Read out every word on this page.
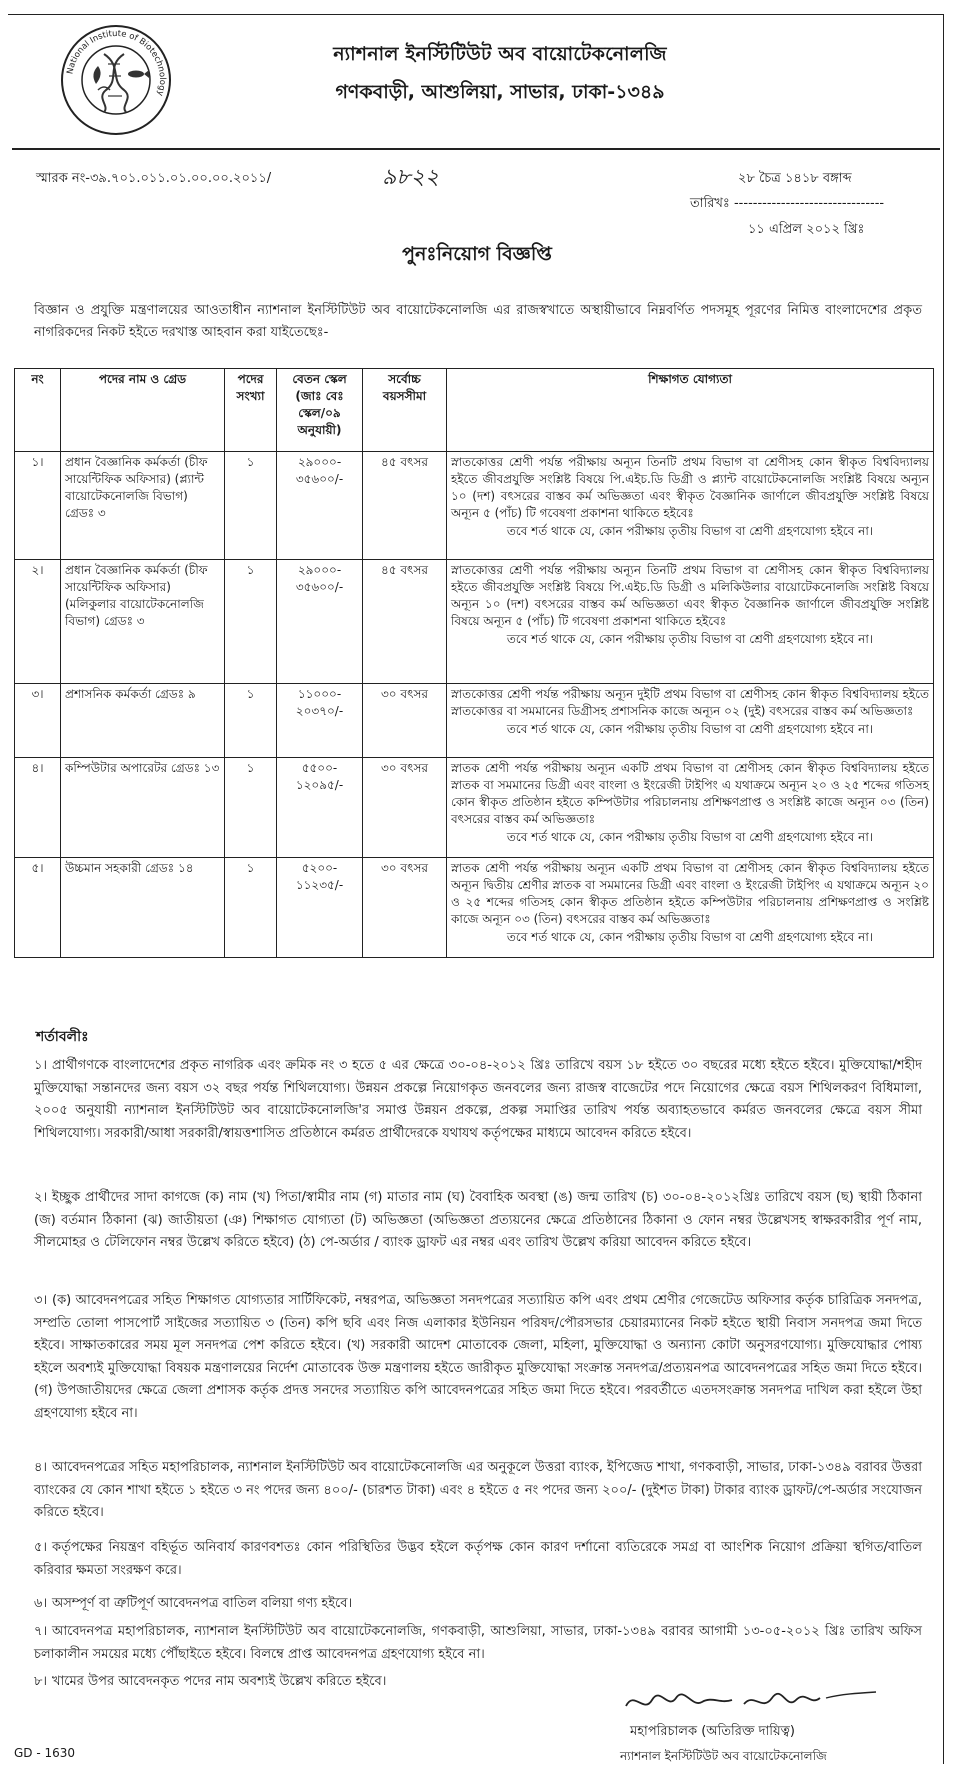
National Institute of Biotechnology
ন্যাশনাল ইনস্টিটিউট অব বায়োটেকনোলজি
গণকবাড়ী, আশুলিয়া, সাভার, ঢাকা-১৩৪৯
স্মারক নং-৩৯.৭০১.০১১.০১.০০.০০.২০১১/	৯৮২২	২৮ চৈত্র ১৪১৮ বঙ্গাব্দ
তারিখঃ --------------------------------
১১ এপ্রিল ২০১২ খ্রিঃ
পুনঃনিয়োগ বিজ্ঞপ্তি
বিজ্ঞান ও প্রযুক্তি মন্ত্রণালয়ের আওতাধীন ন্যাশনাল ইনস্টিটিউট অব বায়োটেকনোলজি এর রাজস্বখাতে অস্থায়ীভাবে নিম্নবর্ণিত পদসমূহ পূরণের নিমিত্ত বাংলাদেশের প্রকৃত নাগরিকদের নিকট হইতে দরখাস্ত আহবান করা যাইতেছেঃ-
নং	পদের নাম ও গ্রেড	পদের সংখ্যা	বেতন স্কেল (জাঃ বেঃ স্কেল/০৯ অনুযায়ী)	সর্বোচ্চ বয়সসীমা	শিক্ষাগত যোগ্যতা
১।	প্রধান বৈজ্ঞানিক কর্মকর্তা (চীফ সায়েন্টিফিক অফিসার) (প্ল্যান্ট বায়োটেকনোলজি বিভাগ) গ্রেডঃ ৩	১	২৯০০০- ৩৫৬০০/-	৪৫ বৎসর	স্নাতকোত্তর শ্রেণী পর্যন্ত পরীক্ষায় অন্যূন তিনটি প্রথম বিভাগ বা শ্রেণীসহ কোন স্বীকৃত বিশ্ববিদ্যালয় হইতে জীবপ্রযুক্তি সংশ্লিষ্ট বিষয়ে পি.এইচ.ডি ডিগ্রী ও প্ল্যান্ট বায়োটেকনোলজি সংশ্লিষ্ট বিষয়ে অন্যূন ১০ (দশ) বৎসরের বাস্তব কর্ম অভিজ্ঞতা এবং স্বীকৃত বৈজ্ঞানিক জার্ণালে জীবপ্রযুক্তি সংশ্লিষ্ট বিষয়ে অন্যূন ৫ (পাঁচ) টি গবেষণা প্রকাশনা থাকিতে হইবেঃ
তবে শর্ত থাকে যে, কোন পরীক্ষায় তৃতীয় বিভাগ বা শ্রেণী গ্রহণযোগ্য হইবে না।

২।	প্রধান বৈজ্ঞানিক কর্মকর্তা (চীফ সায়েন্টিফিক অফিসার) (মলিকুলার বায়োটেকনোলজি বিভাগ) গ্রেডঃ ৩	১	২৯০০০- ৩৫৬০০/-	৪৫ বৎসর	স্নাতকোত্তর শ্রেণী পর্যন্ত পরীক্ষায় অন্যূন তিনটি প্রথম বিভাগ বা শ্রেণীসহ কোন স্বীকৃত বিশ্ববিদ্যালয় হইতে জীবপ্রযুক্তি সংশ্লিষ্ট বিষয়ে পি.এইচ.ডি ডিগ্রী ও মলিকিউলার বায়োটেকনোলজি সংশ্লিষ্ট বিষয়ে অন্যূন ১০ (দশ) বৎসরের বাস্তব কর্ম অভিজ্ঞতা এবং স্বীকৃত বৈজ্ঞানিক জার্ণালে জীবপ্রযুক্তি সংশ্লিষ্ট বিষয়ে অন্যূন ৫ (পাঁচ) টি গবেষণা প্রকাশনা থাকিতে হইবেঃ
তবে শর্ত থাকে যে, কোন পরীক্ষায় তৃতীয় বিভাগ বা শ্রেণী গ্রহণযোগ্য হইবে না।

৩।	প্রশাসনিক কর্মকর্তা গ্রেডঃ ৯	১	১১০০০- ২০৩৭০/-	৩০ বৎসর	স্নাতকোত্তর শ্রেণী পর্যন্ত পরীক্ষায় অন্যূন দুইটি প্রথম বিভাগ বা শ্রেণীসহ কোন স্বীকৃত বিশ্ববিদ্যালয় হইতে স্নাতকোত্তর বা সমমানের ডিগ্রীসহ প্রশাসনিক কাজে অন্যূন ০২ (দুই) বৎসরের বাস্তব কর্ম অভিজ্ঞতাঃ
তবে শর্ত থাকে যে, কোন পরীক্ষায় তৃতীয় বিভাগ বা শ্রেণী গ্রহণযোগ্য হইবে না।

৪।	কম্পিউটার অপারেটর গ্রেডঃ ১৩	১	৫৫০০- ১২০৯৫/-	৩০ বৎসর	স্নাতক শ্রেণী পর্যন্ত পরীক্ষায় অন্যূন একটি প্রথম বিভাগ বা শ্রেণীসহ কোন স্বীকৃত বিশ্ববিদ্যালয় হইতে স্নাতক বা সমমানের ডিগ্রী এবং বাংলা ও ইংরেজী টাইপিং এ যথাক্রমে অন্যূন ২০ ও ২৫ শব্দের গতিসহ কোন স্বীকৃত প্রতিষ্ঠান হইতে কম্পিউটার পরিচালনায় প্রশিক্ষণপ্রাপ্ত ও সংশ্লিষ্ট কাজে অন্যূন ০৩ (তিন) বৎসরের বাস্তব কর্ম অভিজ্ঞতাঃ
তবে শর্ত থাকে যে, কোন পরীক্ষায় তৃতীয় বিভাগ বা শ্রেণী গ্রহণযোগ্য হইবে না।

৫।	উচ্চমান সহকারী গ্রেডঃ ১৪	১	৫২০০- ১১২৩৫/-	৩০ বৎসর	স্নাতক শ্রেণী পর্যন্ত পরীক্ষায় অন্যূন একটি প্রথম বিভাগ বা শ্রেণীসহ কোন স্বীকৃত বিশ্ববিদ্যালয় হইতে অন্যূন দ্বিতীয় শ্রেণীর স্নাতক বা সমমানের ডিগ্রী এবং বাংলা ও ইংরেজী টাইপিং এ যথাক্রমে অন্যূন ২০ ও ২৫ শব্দের গতিসহ কোন স্বীকৃত প্রতিষ্ঠান হইতে কম্পিউটার পরিচালনায় প্রশিক্ষণপ্রাপ্ত ও সংশ্লিষ্ট কাজে অন্যূন ০৩ (তিন) বৎসরের বাস্তব কর্ম অভিজ্ঞতাঃ
তবে শর্ত থাকে যে, কোন পরীক্ষায় তৃতীয় বিভাগ বা শ্রেণী গ্রহণযোগ্য হইবে না।
শর্তাবলীঃ
১। প্রার্থীগণকে বাংলাদেশের প্রকৃত নাগরিক এবং ক্রমিক নং ৩ হতে ৫ এর ক্ষেত্রে ৩০-০৪-২০১২ খ্রিঃ তারিখে বয়স ১৮ হইতে ৩০ বছরের মধ্যে হইতে হইবে। মুক্তিযোদ্ধা/শহীদ মুক্তিযোদ্ধা সন্তানদের জন্য বয়স ৩২ বছর পর্যন্ত শিথিলযোগ্য। উন্নয়ন প্রকল্পে নিয়োগকৃত জনবলের জন্য রাজস্ব বাজেটের পদে নিয়োগের ক্ষেত্রে বয়স শিথিলকরণ বিধিমালা, ২০০৫ অনুযায়ী ন্যাশনাল ইনস্টিটিউট অব বায়োটেকনোলজি'র সমাপ্ত উন্নয়ন প্রকল্পে, প্রকল্প সমাপ্তির তারিখ পর্যন্ত অব্যাহতভাবে কর্মরত জনবলের ক্ষেত্রে বয়স সীমা শিথিলযোগ্য। সরকারী/আধা সরকারী/স্বায়ত্তশাসিত প্রতিষ্ঠানে কর্মরত প্রার্থীদেরকে যথাযথ কর্তৃপক্ষের মাধ্যমে আবেদন করিতে হইবে।
২। ইচ্ছুক প্রার্থীদের সাদা কাগজে (ক) নাম (খ) পিতা/স্বামীর নাম (গ) মাতার নাম (ঘ) বৈবাহিক অবস্থা (ঙ) জন্ম তারিখ (চ) ৩০-০৪-২০১২খ্রিঃ তারিখে বয়স (ছ) স্থায়ী ঠিকানা (জ) বর্তমান ঠিকানা (ঝ) জাতীয়তা (ঞ) শিক্ষাগত যোগ্যতা (ট) অভিজ্ঞতা (অভিজ্ঞতা প্রত্যয়নের ক্ষেত্রে প্রতিষ্ঠানের ঠিকানা ও ফোন নম্বর উল্লেখসহ স্বাক্ষরকারীর পূর্ণ নাম, সীলমোহর ও টেলিফোন নম্বর উল্লেখ করিতে হইবে) (ঠ) পে-অর্ডার / ব্যাংক ড্রাফট এর নম্বর এবং তারিখ উল্লেখ করিয়া আবেদন করিতে হইবে।
৩। (ক) আবেদনপত্রের সহিত শিক্ষাগত যোগ্যতার সার্টিফিকেট, নম্বরপত্র, অভিজ্ঞতা সনদপত্রের সত্যায়িত কপি এবং প্রথম শ্রেণীর গেজেটেড অফিসার কর্তৃক চারিত্রিক সনদপত্র, সম্প্রতি তোলা পাসপোর্ট সাইজের সত্যায়িত ৩ (তিন) কপি ছবি এবং নিজ এলাকার ইউনিয়ন পরিষদ/পৌরসভার চেয়ারম্যানের নিকট হইতে স্থায়ী নিবাস সনদপত্র জমা দিতে হইবে। সাক্ষাতকারের সময় মূল সনদপত্র পেশ করিতে হইবে। (খ) সরকারী আদেশ মোতাবেক জেলা, মহিলা, মুক্তিযোদ্ধা ও অন্যান্য কোটা অনুসরণযোগ্য। মুক্তিযোদ্ধার পোষ্য হইলে অবশ্যই মুক্তিযোদ্ধা বিষয়ক মন্ত্রণালয়ের নির্দেশ মোতাবেক উক্ত মন্ত্রণালয় হইতে জারীকৃত মুক্তিযোদ্ধা সংক্রান্ত সনদপত্র/প্রত্যয়নপত্র আবেদনপত্রের সহিত জমা দিতে হইবে। (গ) উপজাতীয়দের ক্ষেত্রে জেলা প্রশাসক কর্তৃক প্রদত্ত সনদের সত্যায়িত কপি আবেদনপত্রের সহিত জমা দিতে হইবে। পরবর্তীতে এতদসংক্রান্ত সনদপত্র দাখিল করা হইলে উহা গ্রহণযোগ্য হইবে না।
৪। আবেদনপত্রের সহিত মহাপরিচালক, ন্যাশনাল ইনস্টিটিউট অব বায়োটেকনোলজি এর অনুকূলে উত্তরা ব্যাংক, ইপিজেড শাখা, গণকবাড়ী, সাভার, ঢাকা-১৩৪৯ বরাবর উত্তরা ব্যাংকের যে কোন শাখা হইতে ১ হইতে ৩ নং পদের জন্য ৪০০/- (চারশত টাকা) এবং ৪ হইতে ৫ নং পদের জন্য ২০০/- (দুইশত টাকা) টাকার ব্যাংক ড্রাফট/পে-অর্ডার সংযোজন করিতে হইবে।
৫। কর্তৃপক্ষের নিয়ন্ত্রণ বহির্ভূত অনিবার্য কারণবশতঃ কোন পরিস্থিতির উদ্ভব হইলে কর্তৃপক্ষ কোন কারণ দর্শানো ব্যতিরেকে সমগ্র বা আংশিক নিয়োগ প্রক্রিয়া স্থগিত/বাতিল করিবার ক্ষমতা সংরক্ষণ করে।
৬। অসম্পূর্ণ বা ত্রুটিপূর্ণ আবেদনপত্র বাতিল বলিয়া গণ্য হইবে।
৭। আবেদনপত্র মহাপরিচালক, ন্যাশনাল ইনস্টিটিউট অব বায়োটেকনোলজি, গণকবাড়ী, আশুলিয়া, সাভার, ঢাকা-১৩৪৯ বরাবর আগামী ১৩-০৫-২০১২ খ্রিঃ তারিখ অফিস চলাকালীন সময়ের মধ্যে পৌঁছাইতে হইবে। বিলম্বে প্রাপ্ত আবেদনপত্র গ্রহণযোগ্য হইবে না।
৮। খামের উপর আবেদনকৃত পদের নাম অবশ্যই উল্লেখ করিতে হইবে।
মহাপরিচালক (অতিরিক্ত দায়িত্ব)
ন্যাশনাল ইনস্টিটিউট অব বায়োটেকনোলজি
GD - 1630
